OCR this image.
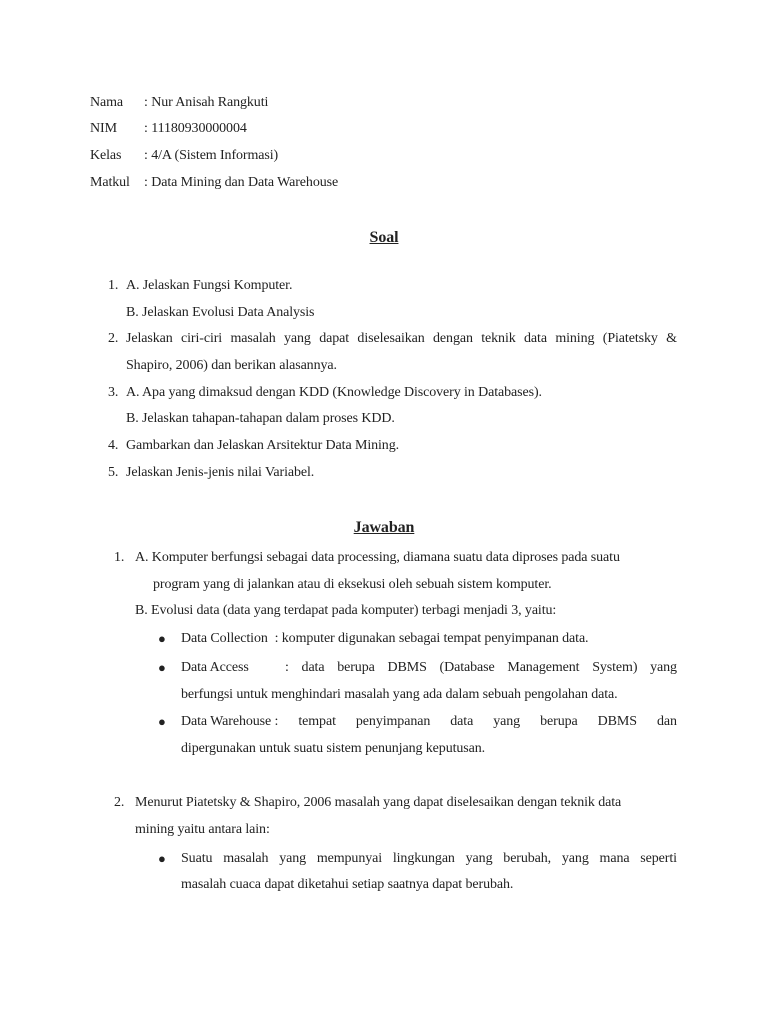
Nama : Nur Anisah Rangkuti
NIM : 11180930000004
Kelas : 4/A (Sistem Informasi)
Matkul : Data Mining dan Data Warehouse
Soal
1. A. Jelaskan Fungsi Komputer.
B. Jelaskan Evolusi Data Analysis
2. Jelaskan ciri-ciri masalah yang dapat diselesaikan dengan teknik data mining (Piatetsky &
Shapiro, 2006) dan berikan alasannya.
3. A. Apa yang dimaksud dengan KDD (Knowledge Discovery in Databases).
B. Jelaskan tahapan-tahapan dalam proses KDD.
4. Gambarkan dan Jelaskan Arsitektur Data Mining.
5. Jelaskan Jenis-jenis nilai Variabel.
Jawaban
1. A. Komputer berfungsi sebagai data processing, diamana suatu data diproses pada suatu
program yang di jalankan atau di eksekusi oleh sebuah sistem komputer.
B. Evolusi data (data yang terdapat pada komputer) terbagi menjadi 3, yaitu:
● Data Collection : komputer digunakan sebagai tempat penyimpanan data.
● Data Access	: data berupa DBMS (Database Management System) yang
berfungsi untuk menghindari masalah yang ada dalam sebuah pengolahan data.
● Data Warehouse : tempat penyimpanan data yang berupa DBMS dan
dipergunakan untuk suatu sistem penunjang keputusan.
2. Menurut Piatetsky & Shapiro, 2006 masalah yang dapat diselesaikan dengan teknik data
mining yaitu antara lain:
● Suatu masalah yang mempunyai lingkungan yang berubah, yang mana seperti
masalah cuaca dapat diketahui setiap saatnya dapat berubah.
